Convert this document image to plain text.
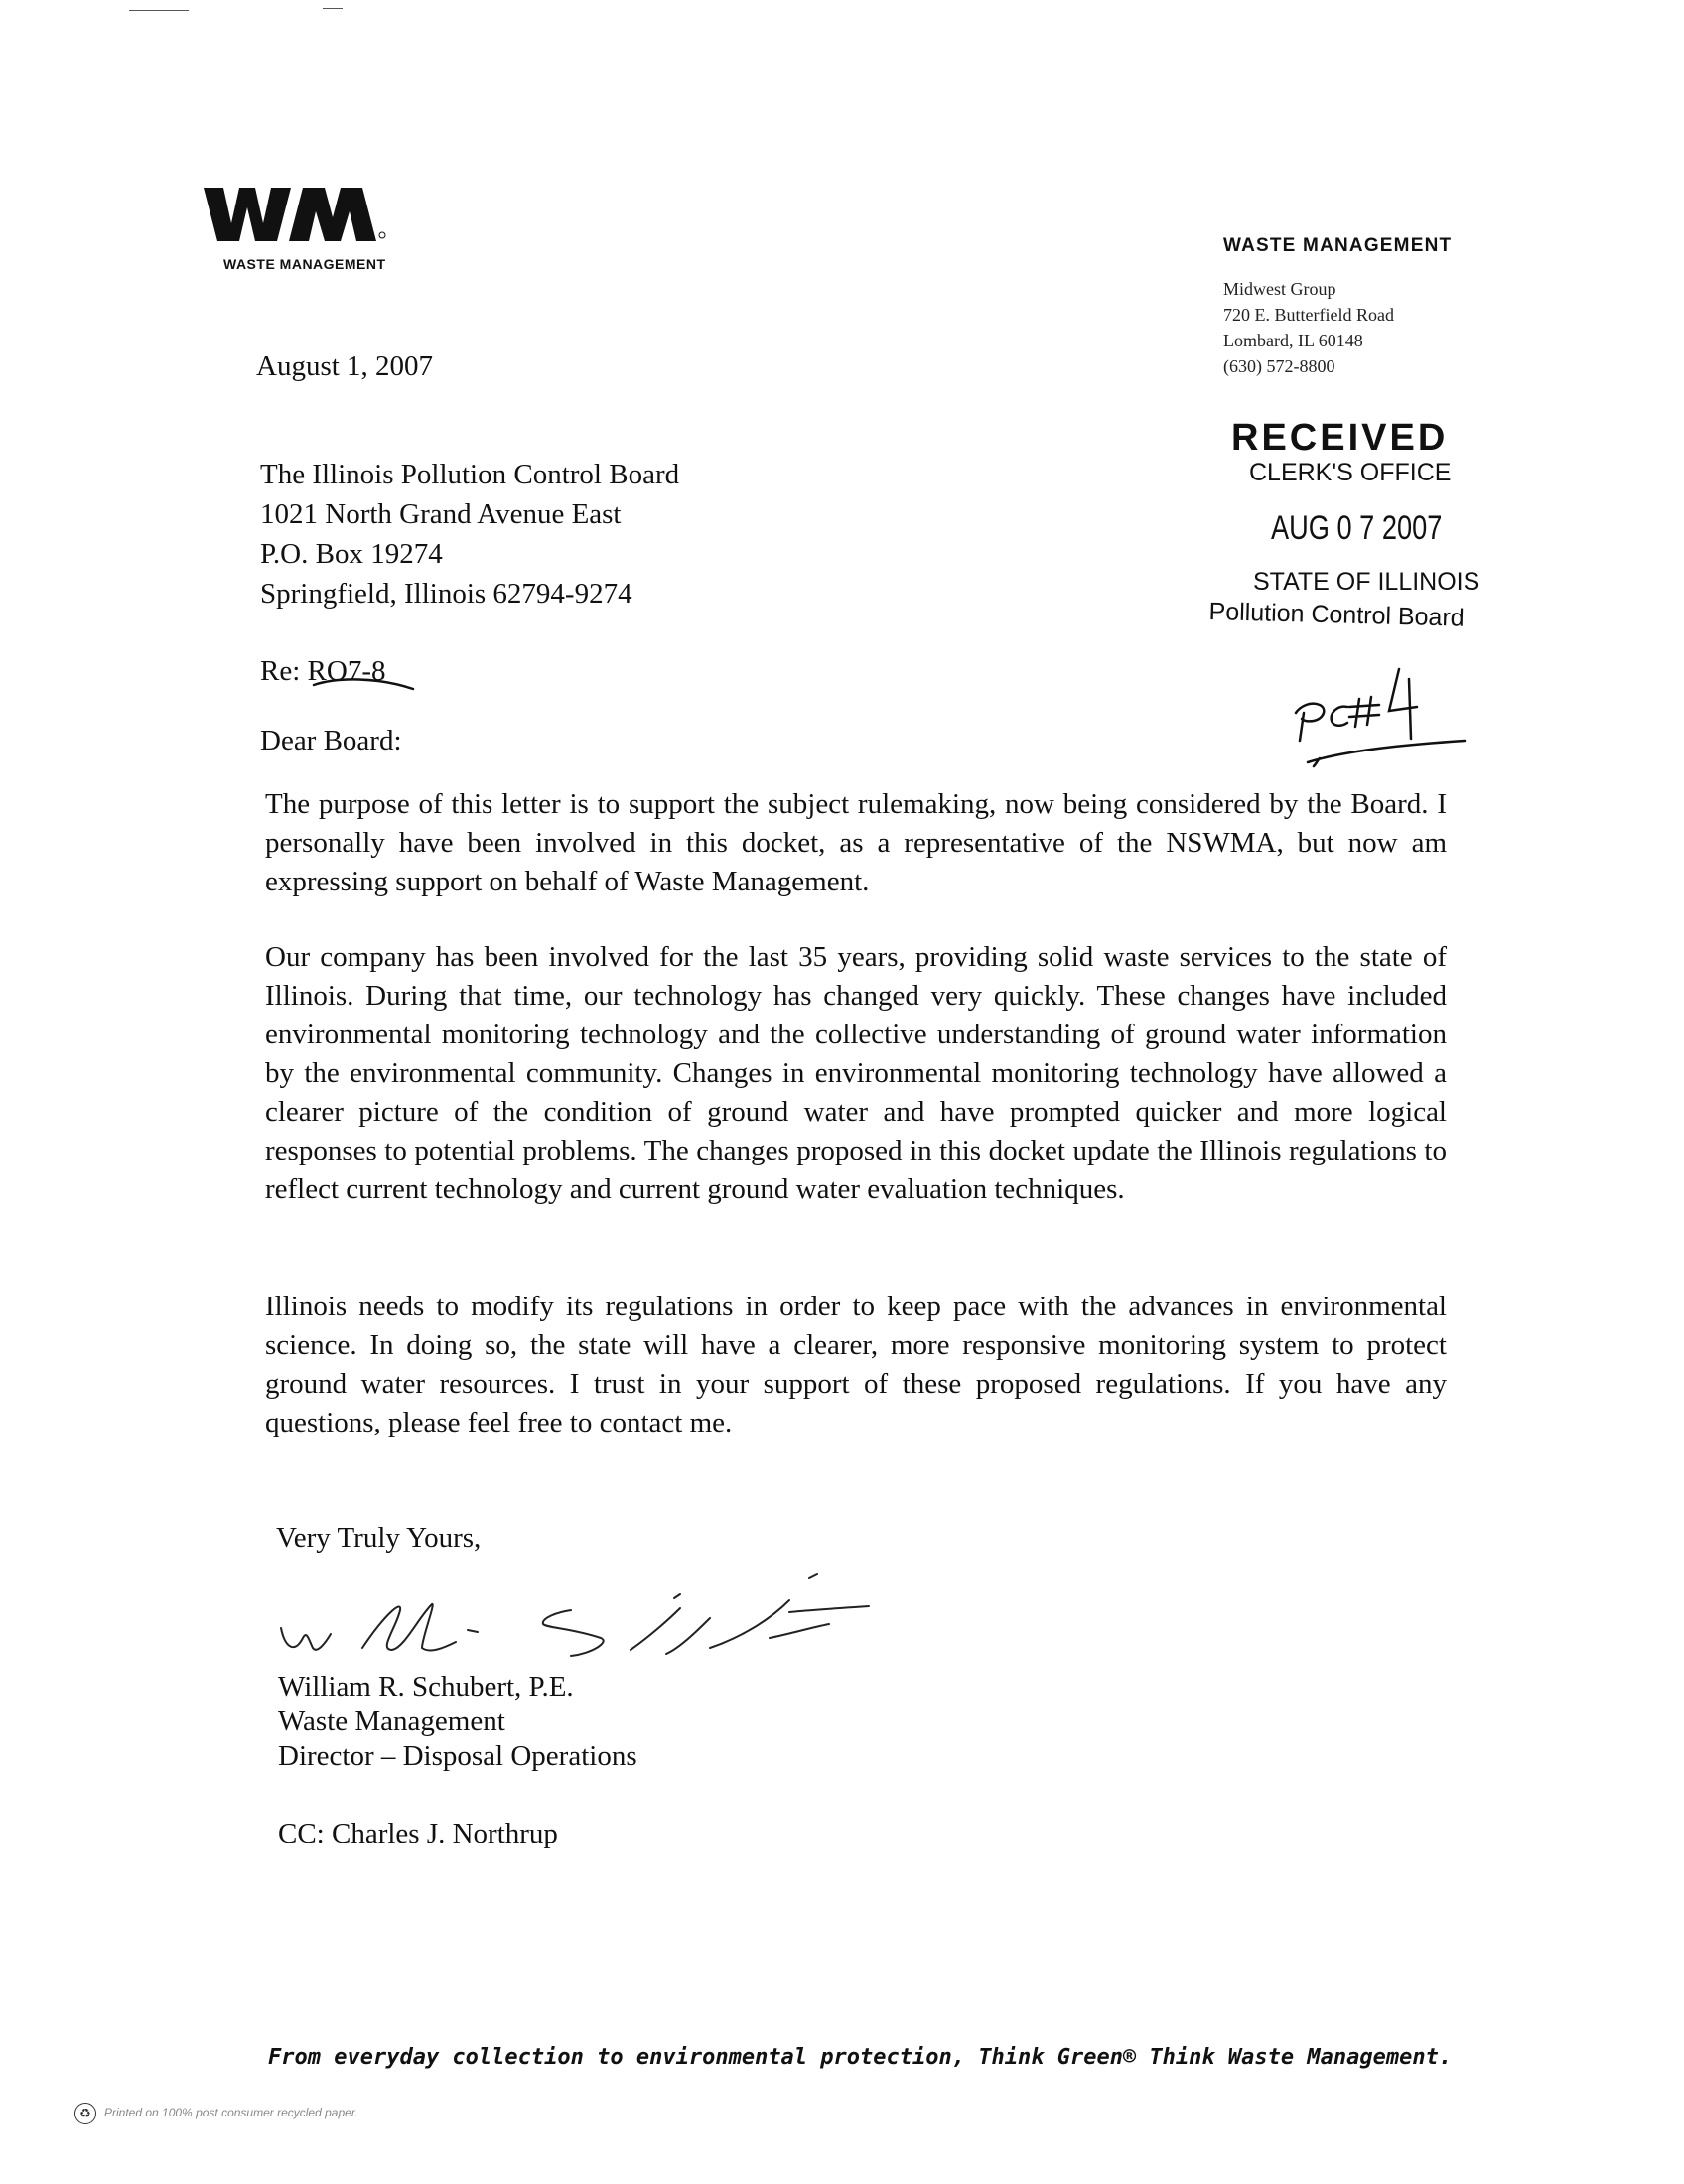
WASTE MANAGEMENT
WASTE MANAGEMENT
Midwest Group
720 E. Butterfield Road
Lombard, IL 60148
(630) 572-8800
RECEIVED
CLERK'S OFFICE
AUG 0 7 2007
STATE OF ILLINOIS
Pollution Control Board
August 1, 2007
The Illinois Pollution Control Board
1021 North Grand Avenue East
P.O. Box 19274
Springfield, Illinois 62794-9274
Re: RO7-8
Dear Board:
The purpose of this letter is to support the subject rulemaking, now being considered by the Board. I personally have been involved in this docket, as a representative of the NSWMA, but now am expressing support on behalf of Waste Management.
Our company has been involved for the last 35 years, providing solid waste services to the state of Illinois. During that time, our technology has changed very quickly. These changes have included environmental monitoring technology and the collective understanding of ground water information by the environmental community. Changes in environmental monitoring technology have allowed a clearer picture of the condition of ground water and have prompted quicker and more logical responses to potential problems. The changes proposed in this docket update the Illinois regulations to reflect current technology and current ground water evaluation techniques.
Illinois needs to modify its regulations in order to keep pace with the advances in environmental science. In doing so, the state will have a clearer, more responsive monitoring system to protect ground water resources. I trust in your support of these proposed regulations. If you have any questions, please feel free to contact me.
Very Truly Yours,
William R. Schubert, P.E.
Waste Management
Director – Disposal Operations
CC: Charles J. Northrup
From everyday collection to environmental protection, Think Green® Think Waste Management.
♻ Printed on 100% post consumer recycled paper.
